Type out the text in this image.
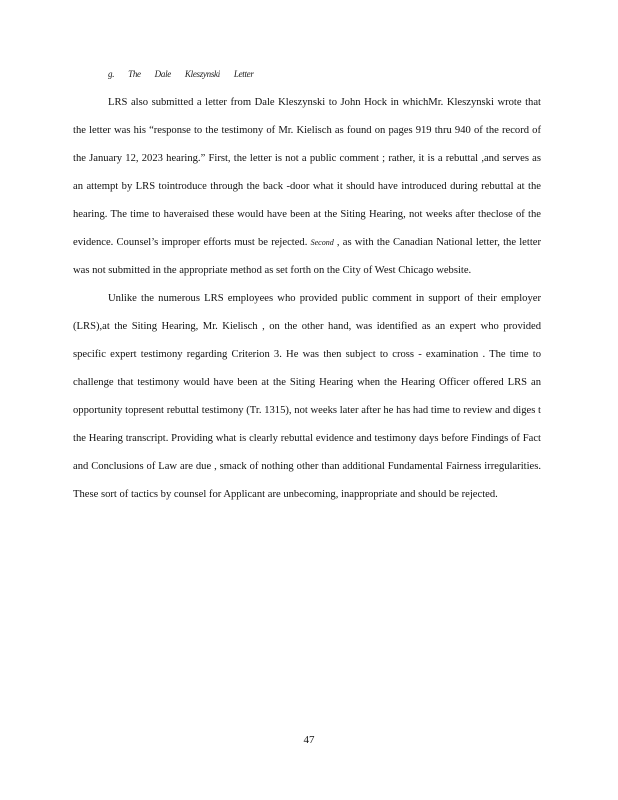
g. The Dale Kleszynski Letter

LRS also submitted a letter from Dale Kleszynski to John Hock in whichMr. Kleszynski wrote that the letter was his “response to the testimony of Mr. Kielisch as found on pages 919 thru 940 of the record of the January 12, 2023 hearing.” First, the letter is not a public comment ; rather, it is a rebuttal ,and serves as an attempt by LRS tointroduce through the back -door what it should have introduced during rebuttal at the hearing. The time to haveraised these would have been at the Siting Hearing, not weeks after theclose of the evidence. Counsel’s improper efforts must be rejected. Second , as with the Canadian National letter, the letter was not submitted in the appropriate method as set forth on the City of West Chicago website.

Unlike the numerous LRS employees who provided public comment in support of their employer (LRS),at the Siting Hearing, Mr. Kielisch , on the other hand, was identified as an expert who provided specific expert testimony regarding Criterion 3. He was then subject to cross - examination . The time to challenge that testimony would have been at the Siting Hearing when the Hearing Officer offered LRS an opportunity topresent rebuttal testimony (Tr. 1315), not weeks later after he has had time to review and diges t the Hearing transcript. Providing what is clearly rebuttal evidence and testimony days before Findings of Fact and Conclusions of Law are due , smack of nothing other than additional Fundamental Fairness irregularities. These sort of tactics by counsel for Applicant are unbecoming, inappropriate and should be rejected.

47
